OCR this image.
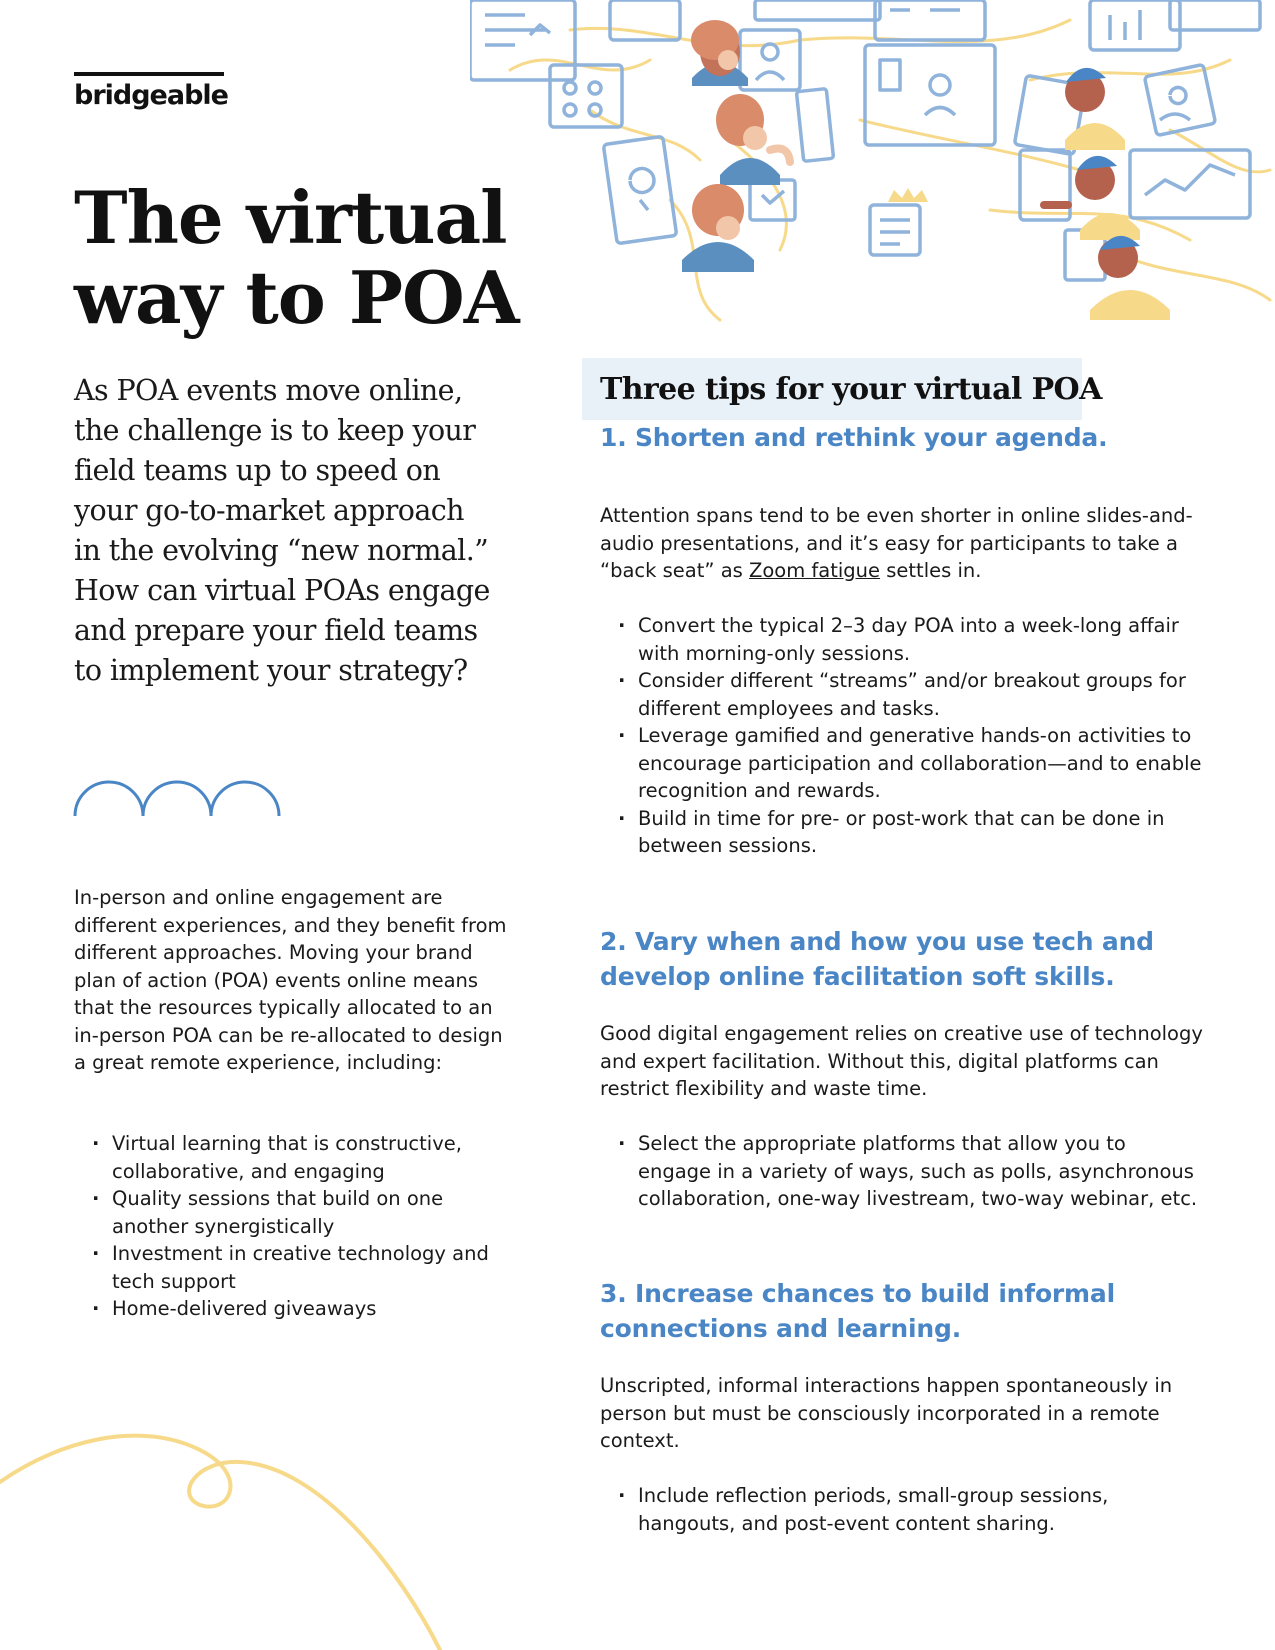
bridgeable
The virtual
way to POA

As POA events move online, the challenge is to keep your field teams up to speed on your go-to-market approach in the evolving “new normal.” How can virtual POAs engage and prepare your field teams to implement your strategy?

In-person and online engagement are different experiences, and they benefit from different approaches. Moving your brand plan of action (POA) events online means that the resources typically allocated to an in-person POA can be re-allocated to design a great remote experience, including:

· Virtual learning that is constructive, collaborative, and engaging
· Quality sessions that build on one another synergistically
· Investment in creative technology and tech support
· Home-delivered giveaways
Three tips for your virtual POA
1. Shorten and rethink your agenda.

Attention spans tend to be even shorter in online slides-and-audio presentations, and it’s easy for participants to take a “back seat” as Zoom fatigue settles in.

· Convert the typical 2–3 day POA into a week-long affair with morning-only sessions.
· Consider different “streams” and/or breakout groups for different employees and tasks.
· Leverage gamified and generative hands-on activities to encourage participation and collaboration—and to enable recognition and rewards.
· Build in time for pre- or post-work that can be done in between sessions.
2. Vary when and how you use tech and develop online facilitation soft skills.

Good digital engagement relies on creative use of technology and expert facilitation. Without this, digital platforms can restrict flexibility and waste time.

· Select the appropriate platforms that allow you to engage in a variety of ways, such as polls, asynchronous collaboration, one-way livestream, two-way webinar, etc.
3. Increase chances to build informal connections and learning.

Unscripted, informal interactions happen spontaneously in person but must be consciously incorporated in a remote context.

· Include reflection periods, small-group sessions, hangouts, and post-event content sharing.
